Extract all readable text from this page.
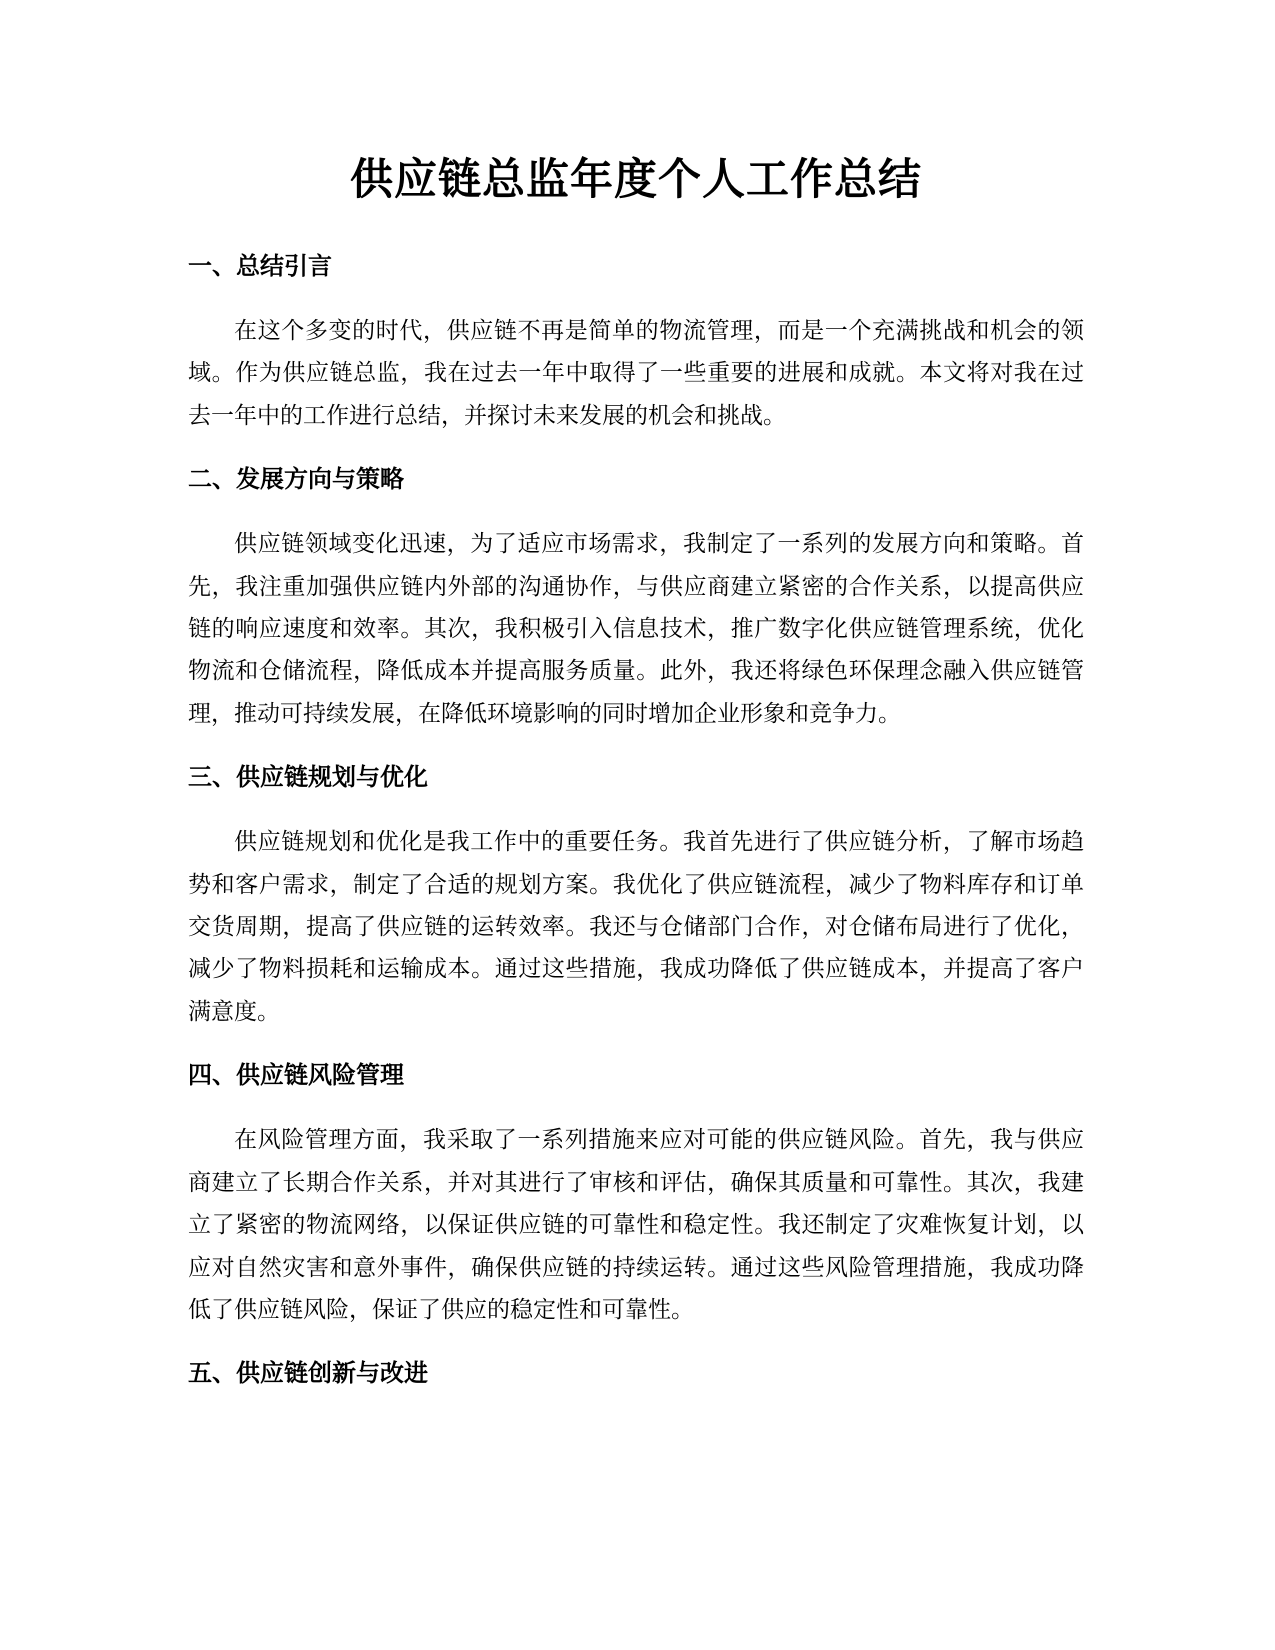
供应链总监年度个人工作总结
一、总结引言

在这个多变的时代，供应链不再是简单的物流管理，而是一个充满挑战和机会的领域。作为供应链总监，我在过去一年中取得了一些重要的进展和成就。本文将对我在过去一年中的工作进行总结，并探讨未来发展的机会和挑战。

二、发展方向与策略

供应链领域变化迅速，为了适应市场需求，我制定了一系列的发展方向和策略。首先，我注重加强供应链内外部的沟通协作，与供应商建立紧密的合作关系，以提高供应链的响应速度和效率。其次，我积极引入信息技术，推广数字化供应链管理系统，优化物流和仓储流程，降低成本并提高服务质量。此外，我还将绿色环保理念融入供应链管理，推动可持续发展，在降低环境影响的同时增加企业形象和竞争力。

三、供应链规划与优化

供应链规划和优化是我工作中的重要任务。我首先进行了供应链分析，了解市场趋势和客户需求，制定了合适的规划方案。我优化了供应链流程，减少了物料库存和订单交货周期，提高了供应链的运转效率。我还与仓储部门合作，对仓储布局进行了优化，减少了物料损耗和运输成本。通过这些措施，我成功降低了供应链成本，并提高了客户满意度。

四、供应链风险管理

在风险管理方面，我采取了一系列措施来应对可能的供应链风险。首先，我与供应商建立了长期合作关系，并对其进行了审核和评估，确保其质量和可靠性。其次，我建立了紧密的物流网络，以保证供应链的可靠性和稳定性。我还制定了灾难恢复计划，以应对自然灾害和意外事件，确保供应链的持续运转。通过这些风险管理措施，我成功降低了供应链风险，保证了供应的稳定性和可靠性。

五、供应链创新与改进
